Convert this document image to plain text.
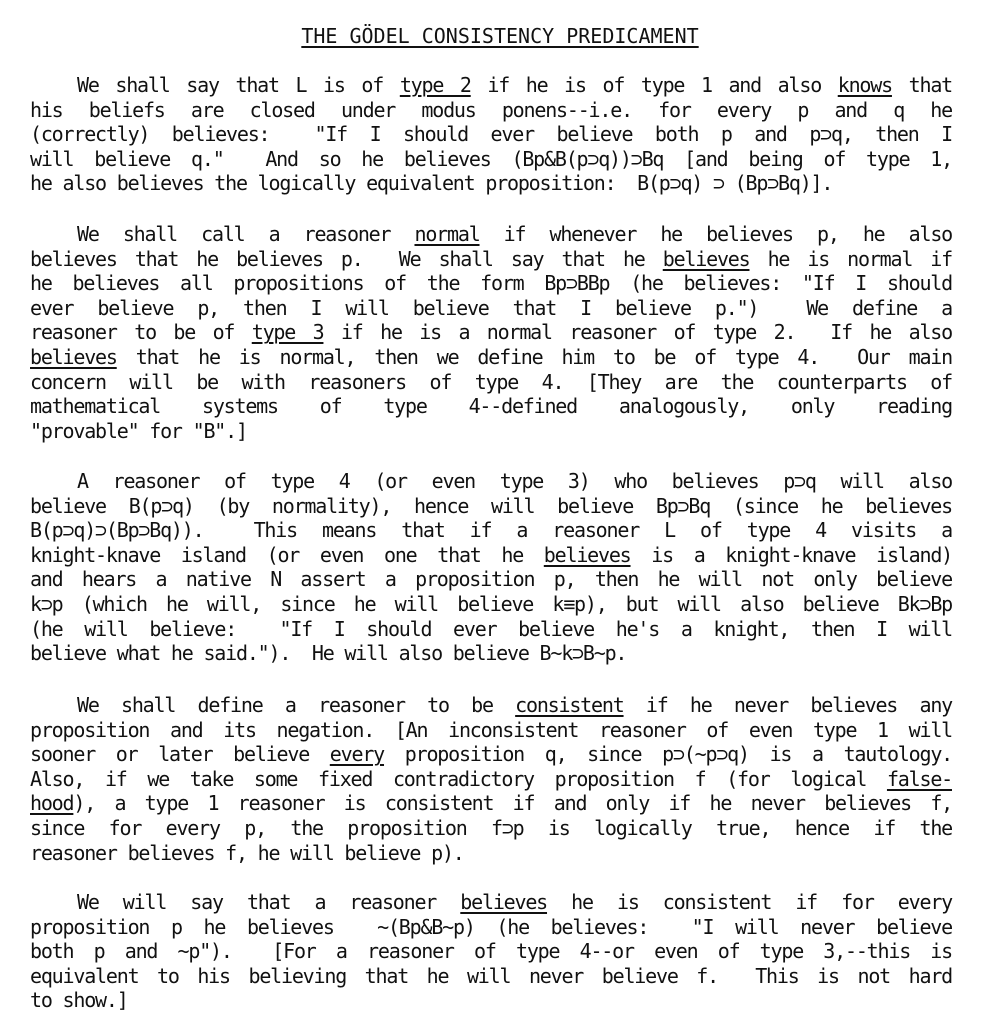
THE GÖDEL CONSISTENCY PREDICAMENT
We shall say that L is of type 2 if he is of type 1 and also knows that
his beliefs are closed under modus ponens--i.e. for every p and q he
(correctly) believes:  "If I should ever believe both p and p⊃q, then I
will believe q."  And so he believes (Bp&B(p⊃q))⊃Bq [and being of type 1,
he also believes the logically equivalent proposition:  B(p⊃q) ⊃ (Bp⊃Bq)].
We shall call a reasoner normal if whenever he believes p, he also
believes that he believes p.  We shall say that he believes he is normal if
he believes all propositions of the form Bp⊃BBp (he believes: "If I should
ever believe p, then I will believe that I believe p.")  We define a
reasoner to be of type 3 if he is a normal reasoner of type 2.  If he also
believes that he is normal, then we define him to be of type 4.  Our main
concern will be with reasoners of type 4. [They are the counterparts of
mathematical systems of type 4--defined analogously, only reading
"provable" for "B".]
A reasoner of type 4 (or even type 3) who believes p⊃q will also
believe B(p⊃q) (by normality), hence will believe Bp⊃Bq (since he believes
B(p⊃q)⊃(Bp⊃Bq)).  This means that if a reasoner L of type 4 visits a
knight-knave island (or even one that he believes is a knight-knave island)
and hears a native N assert a proposition p, then he will not only believe
k⊃p (which he will, since he will believe k≡p), but will also believe Bk⊃Bp
(he will believe:  "If I should ever believe he's a knight, then I will
believe what he said.").  He will also believe B~k⊃B~p.
We shall define a reasoner to be consistent if he never believes any
proposition and its negation. [An inconsistent reasoner of even type 1 will
sooner or later believe every proposition q, since p⊃(~p⊃q) is a tautology.
Also, if we take some fixed contradictory proposition f (for logical false-
hood), a type 1 reasoner is consistent if and only if he never believes f,
since for every p, the proposition f⊃p is logically true, hence if the
reasoner believes f, he will believe p).
We will say that a reasoner believes he is consistent if for every
proposition p he believes  ~(Bp&B~p) (he believes:  "I will never believe
both p and ~p").  [For a reasoner of type 4--or even of type 3,--this is
equivalent to his believing that he will never believe f.  This is not hard
to show.]
